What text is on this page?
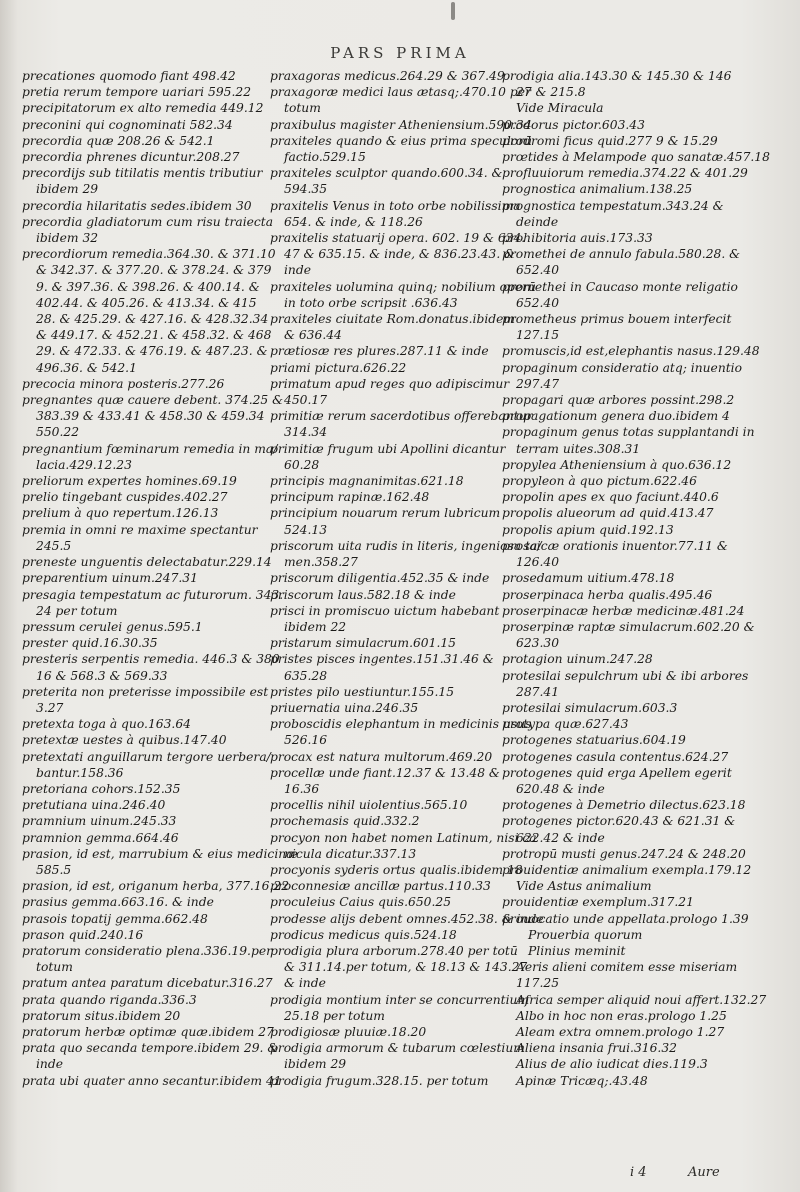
PARS PRIMA
precationes quomodo fiant 498.42
pretia rerum tempore uariari 595.22
precipitatorum ex alto remedia 449.12
preconini qui cognominati 582.34
precordia quæ 208.26 & 542.1
precordia phrenes dicuntur.208.27
precordijs sub titilatis mentis tributiur
ibidem 29
precordia hilaritatis sedes.ibidem 30
precordia gladiatorum cum risu traiecta
ibidem 32
precordiorum remedia.364.30. & 371.10
& 342.37. & 377.20. & 378.24. & 379
9. & 397.36. & 398.26. & 400.14. &
402.44. & 405.26. & 413.34. & 415
28. & 425.29. & 427.16. & 428.32.34
& 449.17. & 452.21. & 458.32. & 468
29. & 472.33. & 476.19. & 487.23. &
496.36. & 542.1
precocia minora posteris.277.26
pregnantes quæ cauere debent. 374.25 &
383.39 & 433.41 & 458.30 & 459.34
550.22
pregnantium fœminarum remedia in ma/
lacia.429.12.23
preliorum expertes homines.69.19
prelio tingebant cuspides.402.27
prelium à quo repertum.126.13
premia in omni re maxime spectantur
245.5
preneste unguentis delectabatur.229.14
preparentium uinum.247.31
presagia tempestatum ac futurorum. 343.
24 per totum
pressum cerulei genus.595.1
prester quid.16.30.35
presteris serpentis remedia. 446.3 & 380
16 & 568.3 & 569.33
preterita non preterisse impossibile est
3.27
pretexta toga à quo.163.64
pretextæ uestes à quibus.147.40
pretextati anguillarum tergore uerbera/
bantur.158.36
pretoriana cohors.152.35
pretutiana uina.246.40
pramnium uinum.245.33
pramnion gemma.664.46
prasion, id est, marrubium & eius medicinæ
585.5
prasion, id est, origanum herba, 377.16.22
prasius gemma.663.16. & inde
prasois topatij gemma.662.48
prason quid.240.16
pratorum consideratio plena.336.19.per
totum
pratum antea paratum dicebatur.316.27
prata quando riganda.336.3
pratorum situs.ibidem 20
pratorum herbæ optimæ quæ.ibidem 27
prata quo secanda tempore.ibidem 29. &
inde
prata ubi quater anno secantur.ibidem 41
praxagoras medicus.264.29 & 367.49
praxagoræ medici laus ætasq;.470.10 per
totum
praxibulus magister Atheniensium.590.34
praxiteles quando & eius prima speculorū
factio.529.15
praxiteles sculptor quando.600.34. &
594.35
praxitelis Venus in toto orbe nobilissima
654. & inde, & 118.26
praxitelis statuarij opera. 602. 19 & 634.
47 & 635.15. & inde, & 836.23.43. &
inde
praxiteles uolumina quinq; nobilium operū
in toto orbe scripsit .636.43
praxiteles ciuitate Rom.donatus.ibidem
& 636.44
prætiosæ res plures.287.11 & inde
priami pictura.626.22
primatum apud reges quo adipiscimur
450.17
primitiæ rerum sacerdotibus offerebantur
314.34
primitiæ frugum ubi Apollini dicantur
60.28
principis magnanimitas.621.18
principum rapinæ.162.48
principium nouarum rerum lubricum
524.13
priscorum uita rudis in literis, ingeniosa ta/
men.358.27
priscorum diligentia.452.35 & inde
priscorum laus.582.18 & inde
prisci in promiscuo uictum habebant
ibidem 22
pristarum simulacrum.601.15
pristes pisces ingentes.151.31.46 &
635.28
pristes pilo uestiuntur.155.15
priuernatia uina.246.35
proboscidis elephantum in medicinis usus
526.16
procax est natura multorum.469.20
procellæ unde fiant.12.37 & 13.48 &
16.36
procellis nihil uiolentius.565.10
prochemasis quid.332.2
procyon non habet nomen Latinum, nisi ca
nicula dicatur.337.13
procyonis syderis ortus qualis.ibidem 18
proconnesiæ ancillæ partus.110.33
proculeius Caius quis.650.25
prodesse alijs debent omnes.452.38. & inde
prodicus medicus quis.524.18
prodigia plura arborum.278.40 per totū
& 311.14.per totum, & 18.13 & 143.27
& inde
prodigia montium inter se concurrentium
25.18 per totum
prodigiosæ pluuiæ.18.20
prodigia armorum & tubarum cœlestium
ibidem 29
prodigia frugum.328.15. per totum
prodigia alia.143.30 & 145.30 & 146
27 & 215.8
Vide Miracula
prodorus pictor.603.43
prodromi ficus quid.277 9 & 15.29
prœtides à Melampode quo sanatæ.457.18
profluuiorum remedia.374.22 & 401.29
prognostica animalium.138.25
prognostica tempestatum.343.24 &
deinde
prohibitoria auis.173.33
promethei de annulo fabula.580.28. &
652.40
promethei in Caucaso monte religatio
652.40
prometheus primus bouem interfecit
127.15
promuscis,id est,elephantis nasus.129.48
propaginum consideratio atq; inuentio
297.47
propagari quæ arbores possint.298.2
propagationum genera duo.ibidem 4
propaginum genus totas supplantandi in
terram uites.308.31
propylea Atheniensium à quo.636.12
propyleon à quo pictum.622.46
propolin apes ex quo faciunt.440.6
propolis alueorum ad quid.413.47
propolis apium quid.192.13
prosaicæ orationis inuentor.77.11 &
126.40
prosedamum uitium.478.18
proserpinaca herba qualis.495.46
proserpinacæ herbæ medicinæ.481.24
proserpinæ raptæ simulacrum.602.20 &
623.30
protagion uinum.247.28
protesilai sepulchrum ubi & ibi arbores
287.41
protesilai simulacrum.603.3
protypa quæ.627.43
protogenes statuarius.604.19
protogenes casula contentus.624.27
protogenes quid erga Apellem egerit
620.48 & inde
protogenes à Demetrio dilectus.623.18
protogenes pictor.620.43 & 621.31 &
622.42 & inde
protropū musti genus.247.24 & 248.20
prouidentiæ animalium exempla.179.12
Vide Astus animalium
prouidentiæ exemplum.317.21
prouocatio unde appellata.prologo 1.39
Prouerbia quorum
Plinius meminit
Aeris alieni comitem esse miseriam
117.25
Africa semper aliquid noui affert.132.27
Albo in hoc non eras.prologo 1.25
Aleam extra omnem.prologo 1.27
Aliena insania frui.316.32
Alius de alio iudicat dies.119.3
Apinæ Tricæq;.43.48
i 4	Aure
